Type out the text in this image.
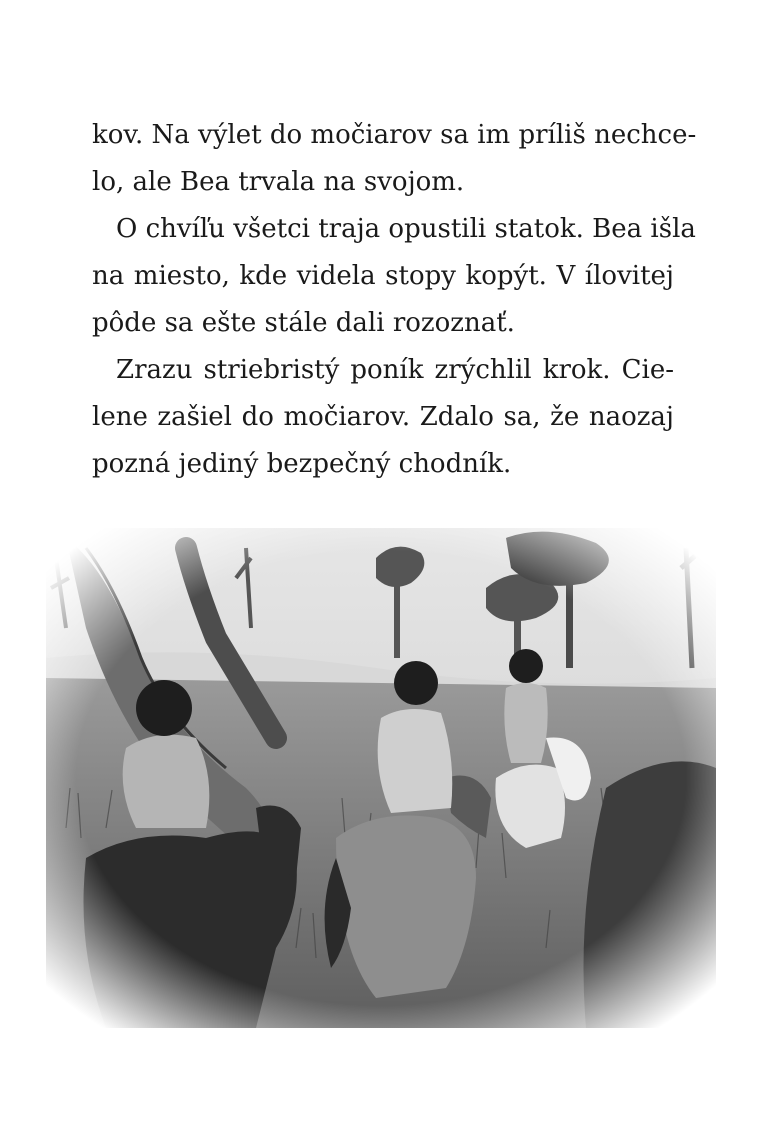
kov. Na výlet do močiarov sa im príliš nechce-
lo, ale Bea trvala na svojom.

O chvíľu všetci traja opustili statok. Bea išla
na miesto, kde videla stopy kopýt. V ílovitej
pôde sa ešte stále dali rozoznať.

Zrazu striebristý poník zrýchlil krok. Cie-
lene zašiel do močiarov. Zdalo sa, že naozaj
pozná jediný bezpečný chodník.
